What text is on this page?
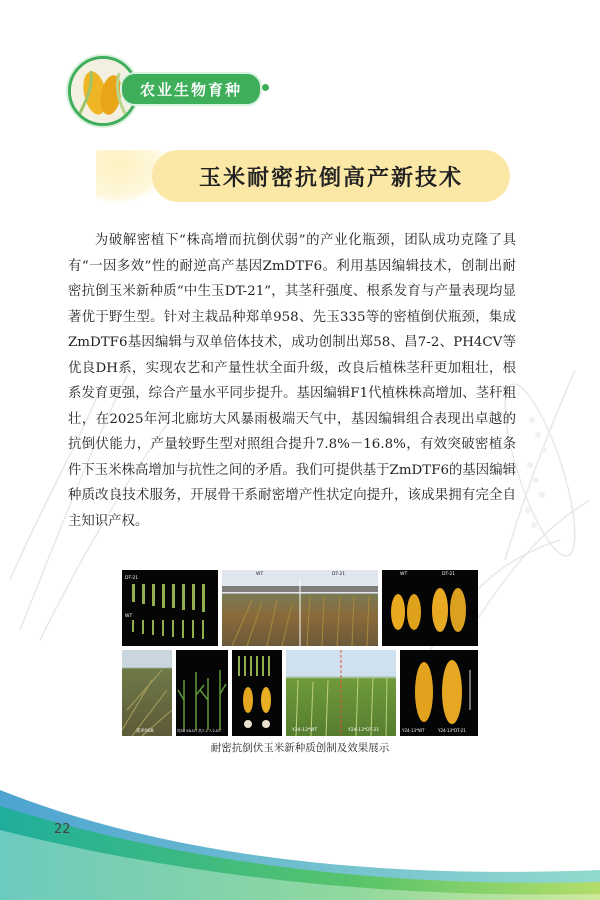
农业生物育种
玉米耐密抗倒高产新技术

为破解密植下“株高增而抗倒伏弱”的产业化瓶颈，团队成功克隆了具有“一因多效”性的耐逆高产基因ZmDTF6。利用基因编辑技术，创制出耐密抗倒玉米新种质“中生玉DT-21”，其茎秆强度、根系发育与产量表现均显著优于野生型。针对主栽品种郑单958、先玉335等的密植倒伏瓶颈，集成ZmDTF6基因编辑与双单倍体技术，成功创制出郑58、昌7-2、PH4CV等优良DH系，实现农艺和产量性状全面升级，改良后植株茎秆更加粗壮，根系发育更强，综合产量水平同步提升。基因编辑F1代植株株高增加、茎秆粗壮，在2025年河北廊坊大风暴雨极端天气中，基因编辑组合表现出卓越的抗倒伏能力，产量较野生型对照组合提升7.8%－16.8%，有效突破密植条件下玉米株高增加与抗性之间的矛盾。我们可提供基于ZmDTF6的基因编辑种质改良技术服务，开展骨干系耐密增产性状定向提升，该成果拥有完全自主知识产权。

DT-21
WT
WT	DT-21	WT	DT-21
郑单958	郑58 58-DT 昌7-2 7-2-DT	Y24-13*WT	Y24-13*DT-21	Y24-13*WT	Y24-13*DT-21
耐密抗倒伏玉米新种质创制及效果展示
22
